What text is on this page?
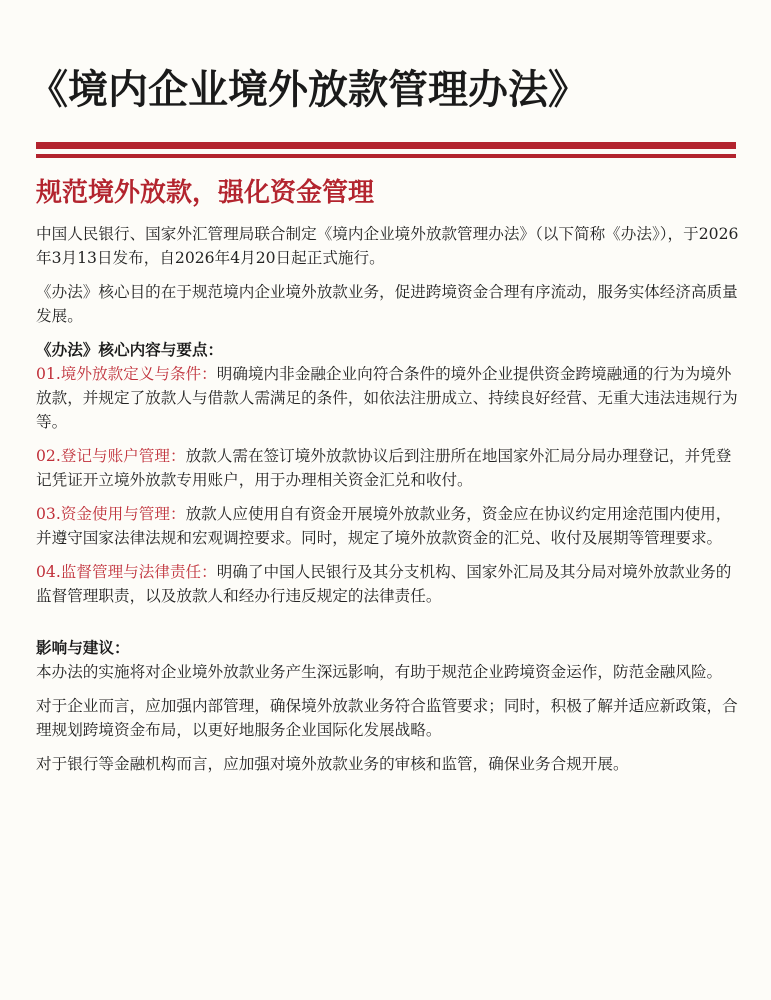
《境内企业境外放款管理办法》
规范境外放款，强化资金管理

中国人民银行、国家外汇管理局联合制定《境内企业境外放款管理办法》（以下简称《办法》），于2026年3月13日发布，自2026年4月20日起正式施行。

《办法》核心目的在于规范境内企业境外放款业务，促进跨境资金合理有序流动，服务实体经济高质量发展。

《办法》核心内容与要点：

01.境外放款定义与条件：明确境内非金融企业向符合条件的境外企业提供资金跨境融通的行为为境外放款，并规定了放款人与借款人需满足的条件，如依法注册成立、持续良好经营、无重大违法违规行为等。
02.登记与账户管理：放款人需在签订境外放款协议后到注册所在地国家外汇局分局办理登记，并凭登记凭证开立境外放款专用账户，用于办理相关资金汇兑和收付。
03.资金使用与管理：放款人应使用自有资金开展境外放款业务，资金应在协议约定用途范围内使用，并遵守国家法律法规和宏观调控要求。同时，规定了境外放款资金的汇兑、收付及展期等管理要求。
04.监督管理与法律责任：明确了中国人民银行及其分支机构、国家外汇局及其分局对境外放款业务的监督管理职责，以及放款人和经办行违反规定的法律责任。

影响与建议：

本办法的实施将对企业境外放款业务产生深远影响，有助于规范企业跨境资金运作，防范金融风险。

对于企业而言，应加强内部管理，确保境外放款业务符合监管要求；同时，积极了解并适应新政策，合理规划跨境资金布局，以更好地服务企业国际化发展战略。

对于银行等金融机构而言，应加强对境外放款业务的审核和监管，确保业务合规开展。
